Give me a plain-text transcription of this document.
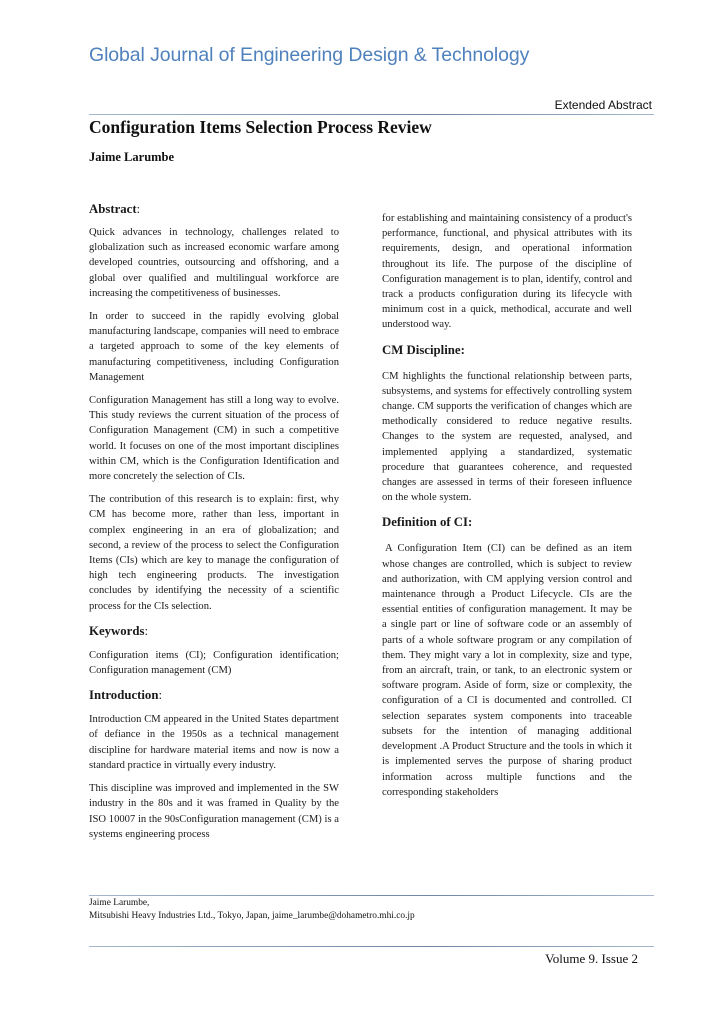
Global Journal of Engineering Design & Technology
Extended Abstract
Configuration Items Selection Process Review
Jaime Larumbe
Abstract:

Quick advances in technology, challenges related to globalization such as increased economic warfare among developed countries, outsourcing and offshoring, and a global over qualified and multilingual workforce are increasing the competitiveness of businesses.

In order to succeed in the rapidly evolving global manufacturing landscape, companies will need to embrace a targeted approach to some of the key elements of manufacturing competitiveness, including Configuration Management

Configuration Management has still a long way to evolve. This study reviews the current situation of the process of Configuration Management (CM) in such a competitive world. It focuses on one of the most important disciplines within CM, which is the Configuration Identification and more concretely the selection of CIs.

The contribution of this research is to explain: first, why CM has become more, rather than less, important in complex engineering in an era of globalization; and second, a review of the process to select the Configuration Items (CIs) which are key to manage the configuration of high tech engineering products. The investigation concludes by identifying the necessity of a scientific process for the CIs selection.

Keywords:

Configuration items (CI); Configuration identification; Configuration management (CM)

Introduction:

Introduction CM appeared in the United States department of defiance in the 1950s as a technical management discipline for hardware material items and now is now a standard practice in virtually every industry.

This discipline was improved and implemented in the SW industry in the 80s and it was framed in Quality by the ISO 10007 in the 90sConfiguration management (CM) is a systems engineering process

for establishing and maintaining consistency of a product's performance, functional, and physical attributes with its requirements, design, and operational information throughout its life. The purpose of the discipline of Configuration management is to plan, identify, control and track a products configuration during its lifecycle with minimum cost in a quick, methodical, accurate and well understood way.

CM Discipline:

CM highlights the functional relationship between parts, subsystems, and systems for effectively controlling system change. CM supports the verification of changes which are methodically considered to reduce negative results. Changes to the system are requested, analysed, and implemented applying a standardized, systematic procedure that guarantees coherence, and requested changes are assessed in terms of their foreseen influence on the whole system.

Definition of CI:

A Configuration Item (CI) can be defined as an item whose changes are controlled, which is subject to review and authorization, with CM applying version control and maintenance through a Product Lifecycle. CIs are the essential entities of configuration management. It may be a single part or line of software code or an assembly of parts of a whole software program or any compilation of them. They might vary a lot in complexity, size and type, from an aircraft, train, or tank, to an electronic system or software program. Aside of form, size or complexity, the configuration of a CI is documented and controlled. CI selection separates system components into traceable subsets for the intention of managing additional development .A Product Structure and the tools in which it is implemented serves the purpose of sharing product information across multiple functions and the corresponding stakeholders

Jaime Larumbe,
Mitsubishi Heavy Industries Ltd., Tokyo, Japan, jaime_larumbe@dohametro.mhi.co.jp
Volume 9. Issue 2
